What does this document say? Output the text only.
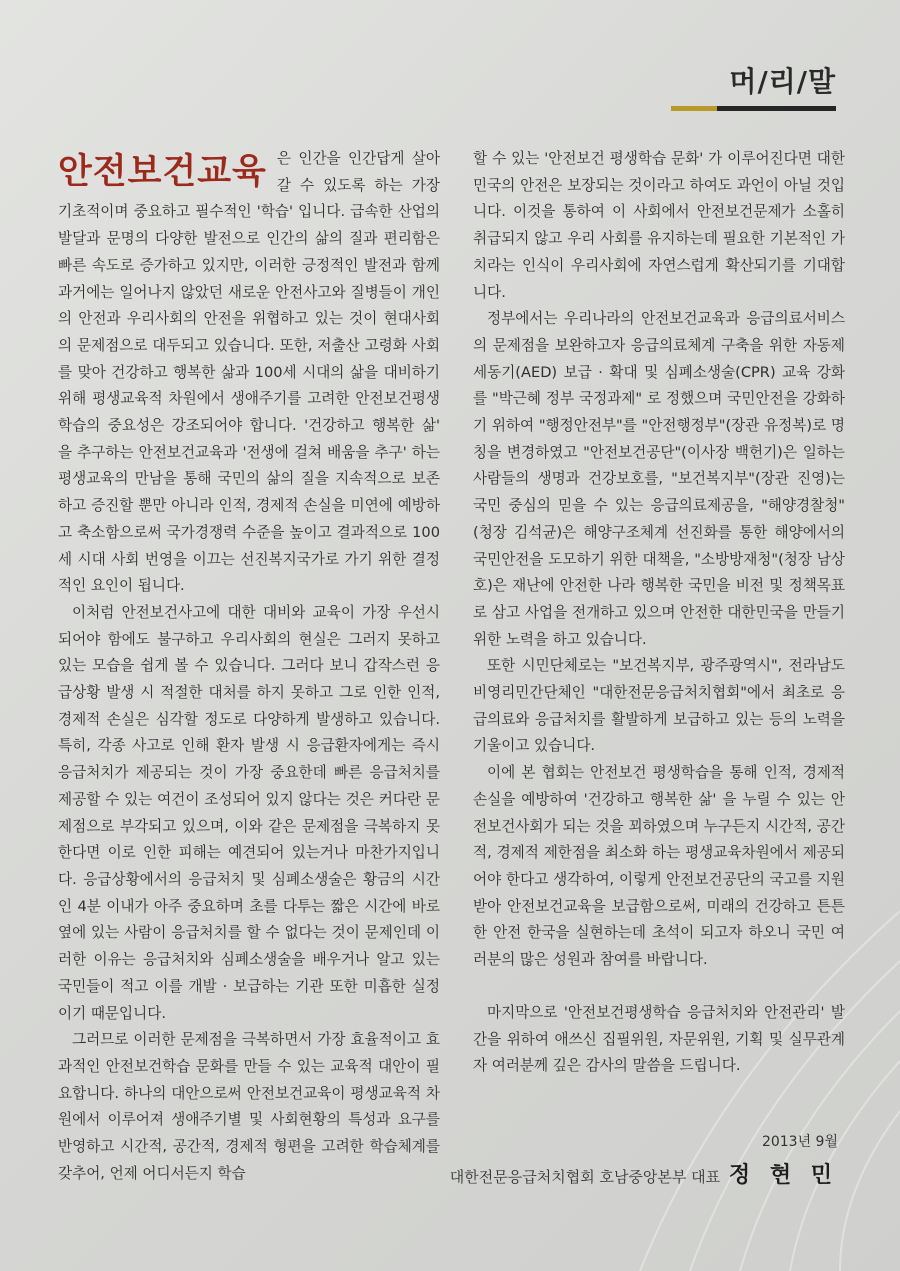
머/리/말

안전보건교육 은 인간을 인간답게 살아갈 수 있도록 하는 가장 기초적이며 중요하고 필수적인 '학습' 입니다. 급속한 산업의 발달과 문명의 다양한 발전으로 인간의 삶의 질과 편리함은 빠른 속도로 증가하고 있지만, 이러한 긍정적인 발전과 함께 과거에는 일어나지 않았던 새로운 안전사고와 질병들이 개인의 안전과 우리사회의 안전을 위협하고 있는 것이 현대사회의 문제점으로 대두되고 있습니다. 또한, 저출산 고령화 사회를 맞아 건강하고 행복한 삶과 100세 시대의 삶을 대비하기 위해 평생교육적 차원에서 생애주기를 고려한 안전보건평생학습의 중요성은 강조되어야 합니다. '건강하고 행복한 삶' 을 추구하는 안전보건교육과 '전생에 걸쳐 배움을 추구' 하는 평생교육의 만남을 통해 국민의 삶의 질을 지속적으로 보존하고 증진할 뿐만 아니라 인적, 경제적 손실을 미연에 예방하고 축소함으로써 국가경쟁력 수준을 높이고 결과적으로 100세 시대 사회 번영을 이끄는 선진복지국가로 가기 위한 결정적인 요인이 됩니다.

이처럼 안전보건사고에 대한 대비와 교육이 가장 우선시 되어야 함에도 불구하고 우리사회의 현실은 그러지 못하고 있는 모습을 쉽게 볼 수 있습니다. 그러다 보니 갑작스런 응급상황 발생 시 적절한 대처를 하지 못하고 그로 인한 인적, 경제적 손실은 심각할 정도로 다양하게 발생하고 있습니다. 특히, 각종 사고로 인해 환자 발생 시 응급환자에게는 즉시 응급처치가 제공되는 것이 가장 중요한데 빠른 응급처치를 제공할 수 있는 여건이 조성되어 있지 않다는 것은 커다란 문제점으로 부각되고 있으며, 이와 같은 문제점을 극복하지 못한다면 이로 인한 피해는 예견되어 있는거나 마찬가지입니다. 응급상황에서의 응급처치 및 심폐소생술은 황금의 시간인 4분 이내가 아주 중요하며 초를 다투는 짧은 시간에 바로 옆에 있는 사람이 응급처치를 할 수 없다는 것이 문제인데 이러한 이유는 응급처치와 심폐소생술을 배우거나 알고 있는 국민들이 적고 이를 개발 · 보급하는 기관 또한 미흡한 실정이기 때문입니다.

그러므로 이러한 문제점을 극복하면서 가장 효율적이고 효과적인 안전보건학습 문화를 만들 수 있는 교육적 대안이 필요합니다. 하나의 대안으로써 안전보건교육이 평생교육적 차원에서 이루어져 생애주기별 및 사회현황의 특성과 요구를 반영하고 시간적, 공간적, 경제적 형편을 고려한 학습체계를 갖추어, 언제 어디서든지 학습

할 수 있는 '안전보건 평생학습 문화' 가 이루어진다면 대한민국의 안전은 보장되는 것이라고 하여도 과언이 아닐 것입니다. 이것을 통하여 이 사회에서 안전보건문제가 소홀히 취급되지 않고 우리 사회를 유지하는데 필요한 기본적인 가치라는 인식이 우리사회에 자연스럽게 확산되기를 기대합니다.

정부에서는 우리나라의 안전보건교육과 응급의료서비스의 문제점을 보완하고자 응급의료체계 구축을 위한 자동제세동기(AED) 보급 · 확대 및 심폐소생술(CPR) 교육 강화를 "박근혜 정부 국정과제" 로 정했으며 국민안전을 강화하기 위하여 "행정안전부"를 "안전행정부"(장관 유정복)로 명칭을 변경하였고 "안전보건공단"(이사장 백헌기)은 일하는 사람들의 생명과 건강보호를, "보건복지부"(장관 진영)는 국민 중심의 믿을 수 있는 응급의료제공을, "해양경찰청"(청장 김석균)은 해양구조체계 선진화를 통한 해양에서의 국민안전을 도모하기 위한 대책을, "소방방재청"(청장 남상호)은 재난에 안전한 나라 행복한 국민을 비전 및 정책목표로 삼고 사업을 전개하고 있으며 안전한 대한민국을 만들기 위한 노력을 하고 있습니다.

또한 시민단체로는 "보건복지부, 광주광역시", 전라남도 비영리민간단체인 "대한전문응급처치협회"에서 최초로 응급의료와 응급처치를 활발하게 보급하고 있는 등의 노력을 기울이고 있습니다.

이에 본 협회는 안전보건 평생학습을 통해 인적, 경제적 손실을 예방하여 '건강하고 행복한 삶' 을 누릴 수 있는 안전보건사회가 되는 것을 꾀하였으며 누구든지 시간적, 공간적, 경제적 제한점을 최소화 하는 평생교육차원에서 제공되어야 한다고 생각하여, 이렇게 안전보건공단의 국고를 지원받아 안전보건교육을 보급함으로써, 미래의 건강하고 튼튼한 안전 한국을 실현하는데 초석이 되고자 하오니 국민 여러분의 많은 성원과 참여를 바랍니다.

마지막으로 '안전보건평생학습 응급처치와 안전관리' 발간을 위하여 애쓰신 집필위원, 자문위원, 기획 및 실무관계자 여러분께 깊은 감사의 말씀을 드립니다.

2013년 9월
대한전문응급처치협회 호남중앙본부 대표 정 현 민
